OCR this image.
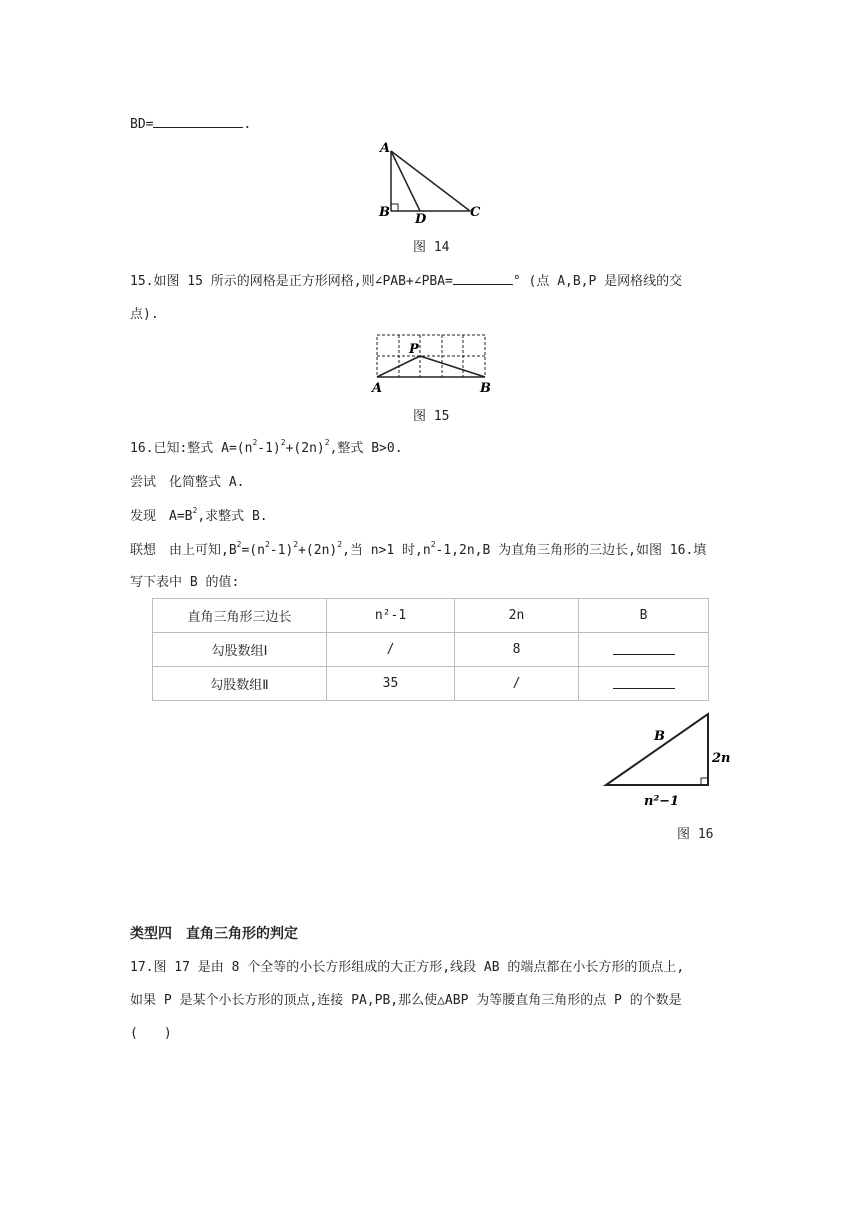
BD=	.
A
B D	C
图 14
15.如图 15 所示的网格是正方形网格,则∠PAB+∠PBA=	° (点 A,B,P 是网格线的交
点).
P
A	B
图 15
16.已知:整式 $A=(n^2-1)^2+(2n)^2$,整式 B>0.
尝试　化简整式 A.
发现　$A=B^2$,求整式 B.
联想　由上可知$,B^2=(n^2-1)^2+(2n)^2$,当 n>1 时$,n^2-1,2n,B$ 为直角三角形的三边长,如图 16.填
写下表中 B 的值:
直角三角形三边长	n²-1	2n	B
勾股数组Ⅰ	/	8	
勾股数组Ⅱ	35	/	
B
2n
n²−1
图 16
类型四　直角三角形的判定
17.图 17 是由 8 个全等的小长方形组成的大正方形,线段 AB 的端点都在小长方形的顶点上,
如果 P 是某个小长方形的顶点,连接 PA,PB,那么使△ABP 为等腰直角三角形的点 P 的个数是
(　　)
